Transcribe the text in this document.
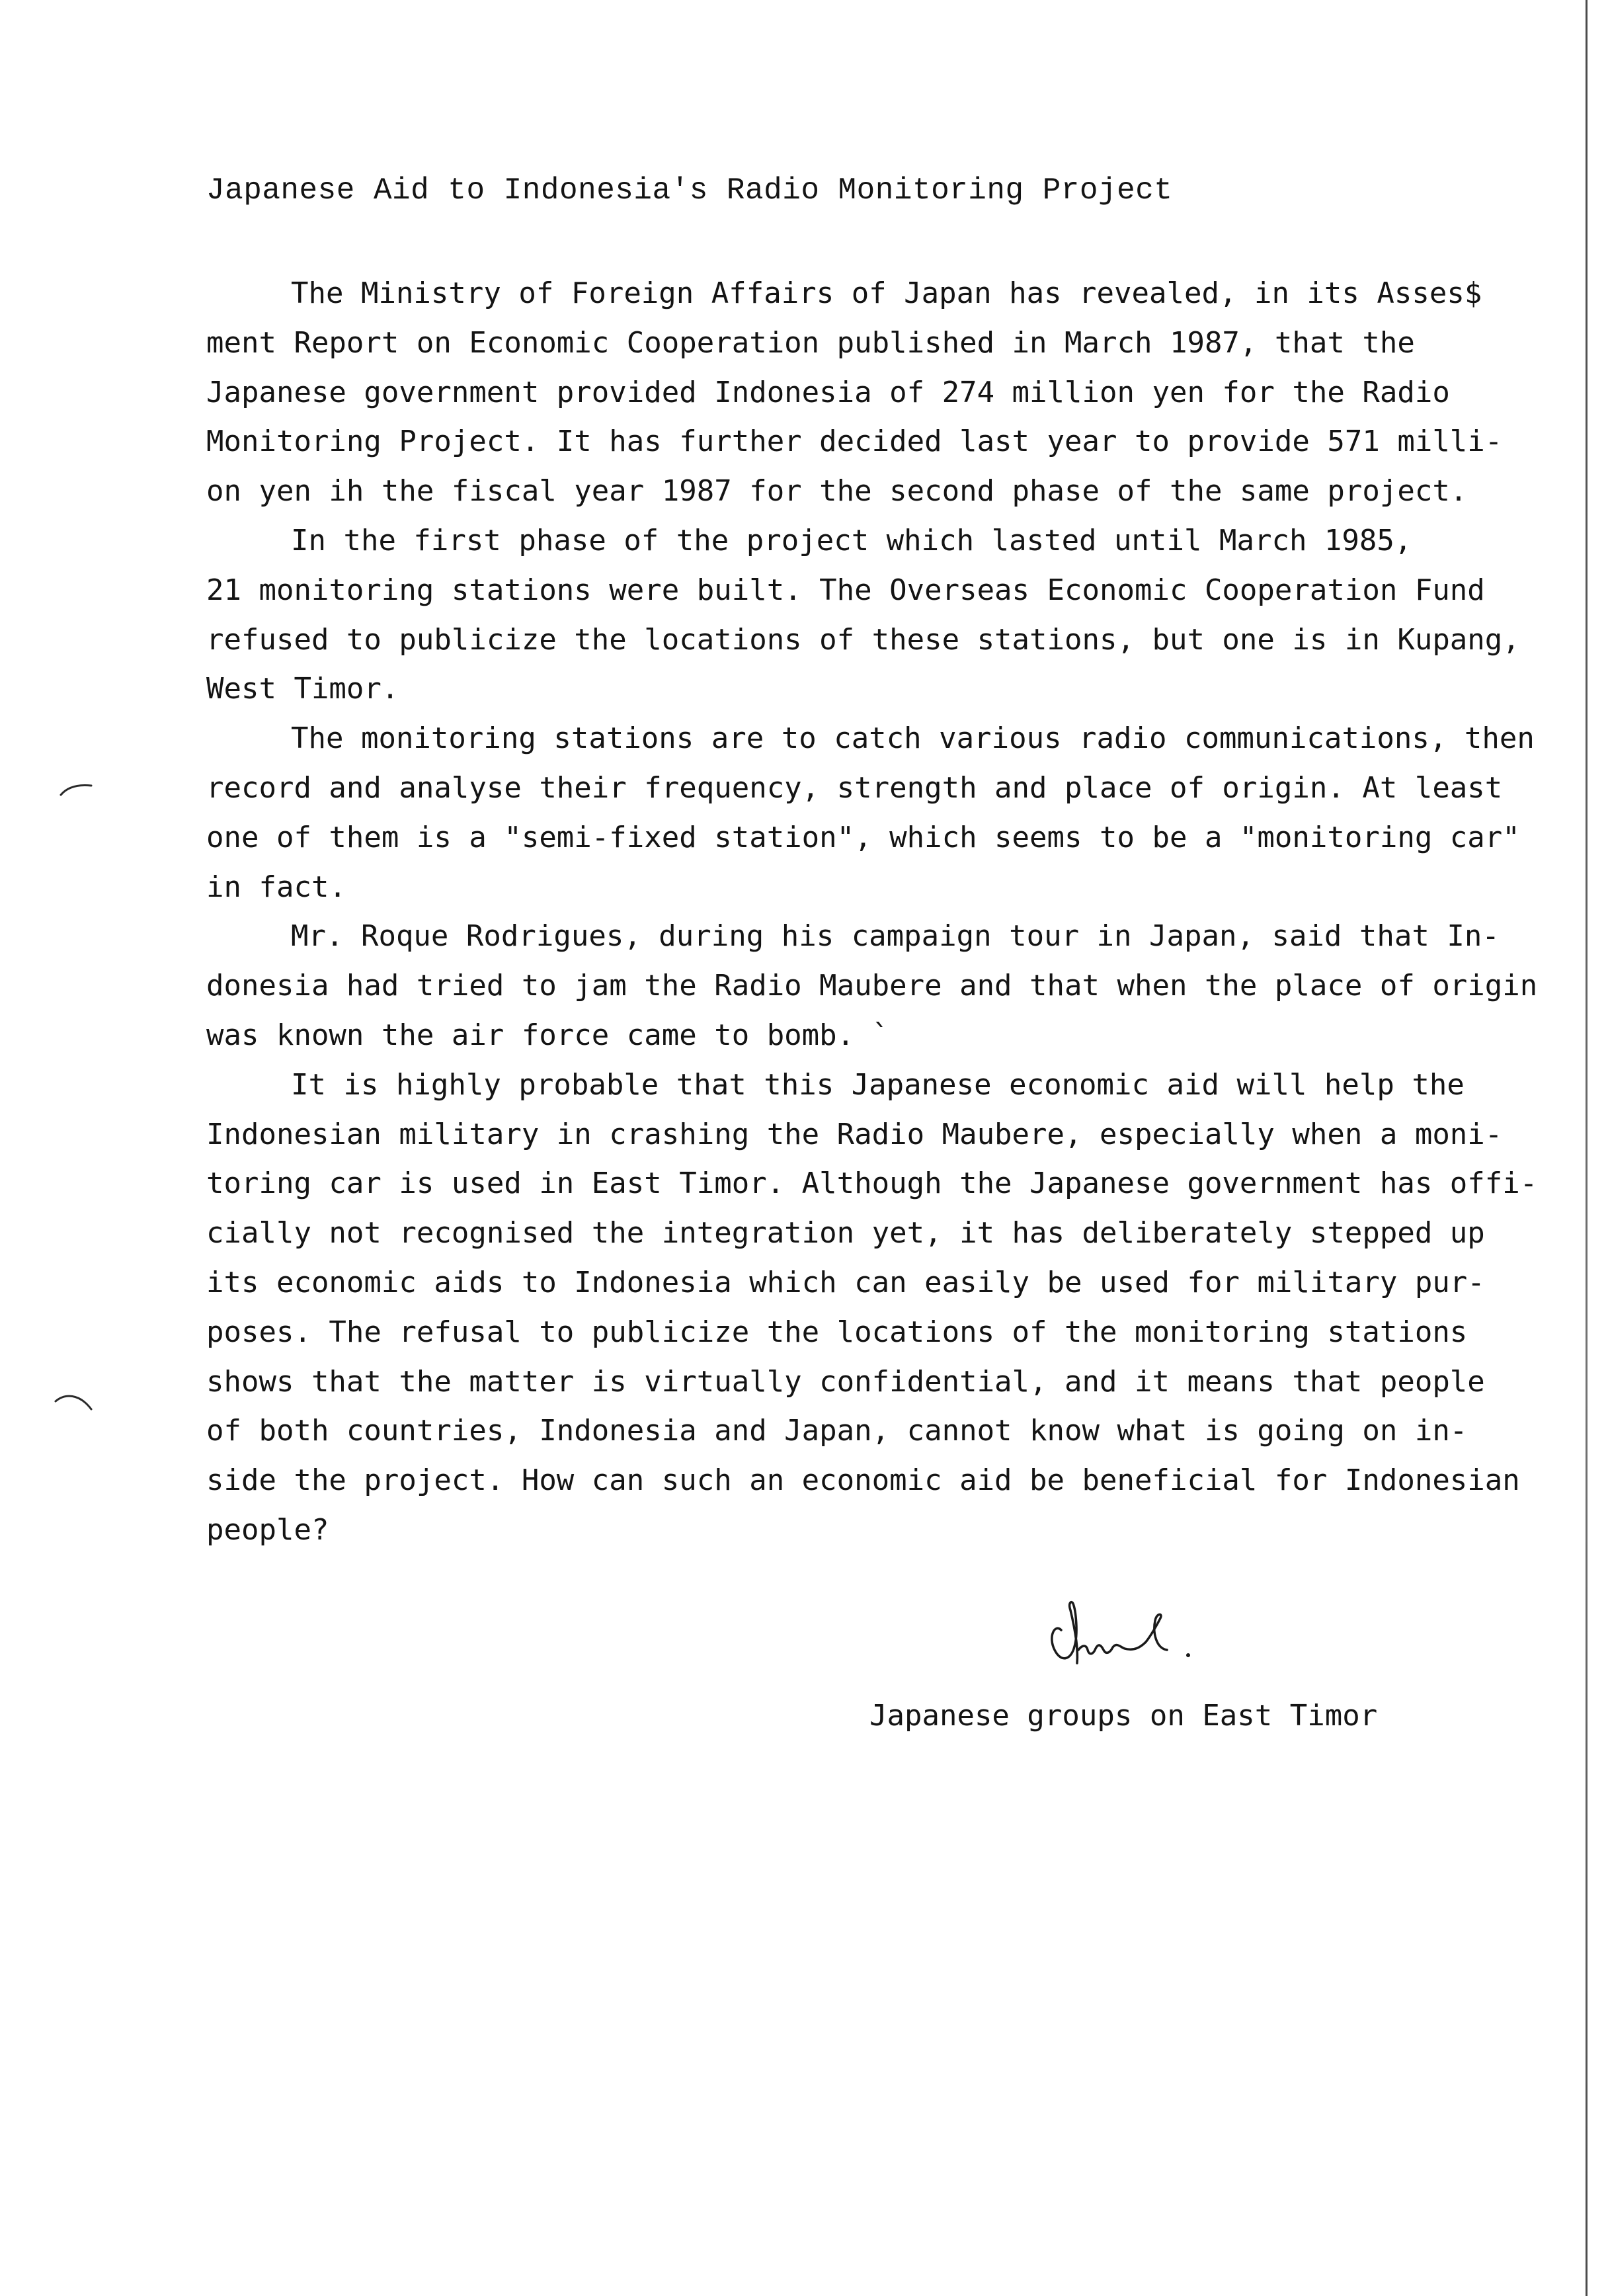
Japanese Aid to Indonesia's Radio Monitoring Project
The Ministry of Foreign Affairs of Japan has revealed, in its Asses$
ment Report on Economic Cooperation published in March 1987, that the
Japanese government provided Indonesia of 274 million yen for the Radio
Monitoring Project. It has further decided last year to provide 571 milli-
on yen ih the fiscal year 1987 for the second phase of the same project.
In the first phase of the project which lasted until March 1985,
21 monitoring stations were built. The Overseas Economic Cooperation Fund
refused to publicize the locations of these stations, but one is in Kupang,
West Timor.
The monitoring stations are to catch various radio communications, then
record and analyse their frequency, strength and place of origin. At least
one of them is a "semi-fixed station", which seems to be a "monitoring car"
in fact.
Mr. Roque Rodrigues, during his campaign tour in Japan, said that In-
donesia had tried to jam the Radio Maubere and that when the place of origin
was known the air force came to bomb. `
It is highly probable that this Japanese economic aid will help the
Indonesian military in crashing the Radio Maubere, especially when a moni-
toring car is used in East Timor. Although the Japanese government has offi-
cially not recognised the integration yet, it has deliberately stepped up
its economic aids to Indonesia which can easily be used for military pur-
poses. The refusal to publicize the locations of the monitoring stations
shows that the matter is virtually confidential, and it means that people
of both countries, Indonesia and Japan, cannot know what is going on in-
side the project. How can such an economic aid be beneficial for Indonesian
people?
Japanese groups on East Timor
